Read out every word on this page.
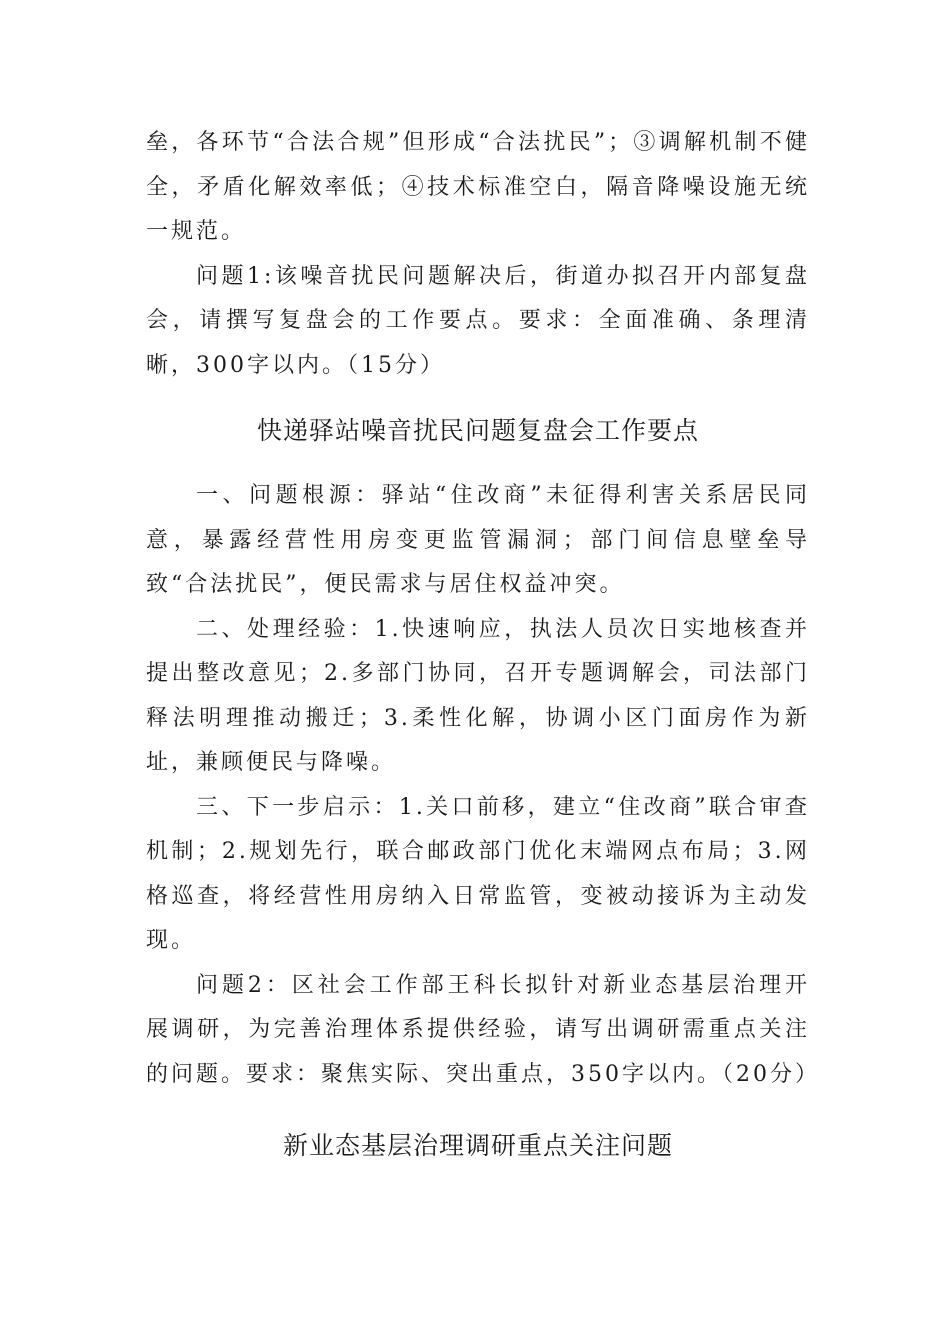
垒，各环节“合法合规”但形成“合法扰民”；③调解机制不健全，矛盾化解效率低；④技术标准空白，隔音降噪设施无统一规范。

问题1:该噪音扰民问题解决后，街道办拟召开内部复盘会，请撰写复盘会的工作要点。要求：全面准确、条理清晰，300字以内。（15分）

快递驿站噪音扰民问题复盘会工作要点

一、问题根源：驿站“住改商”未征得利害关系居民同意，暴露经营性用房变更监管漏洞；部门间信息壁垒导致“合法扰民”，便民需求与居住权益冲突。

二、处理经验：1.快速响应，执法人员次日实地核查并提出整改意见；2.多部门协同，召开专题调解会，司法部门释法明理推动搬迁；3.柔性化解，协调小区门面房作为新址，兼顾便民与降噪。

三、下一步启示：1.关口前移，建立“住改商”联合审查机制；2.规划先行，联合邮政部门优化末端网点布局；3.网格巡查，将经营性用房纳入日常监管，变被动接诉为主动发现。

问题2：区社会工作部王科长拟针对新业态基层治理开展调研，为完善治理体系提供经验，请写出调研需重点关注的问题。要求：聚焦实际、突出重点，350字以内。（20分）

新业态基层治理调研重点关注问题
